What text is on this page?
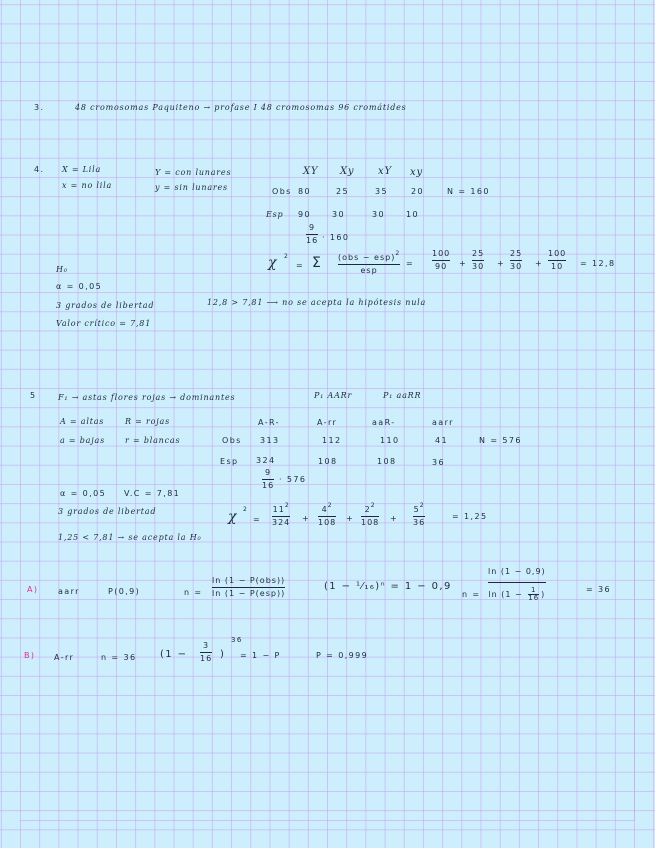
3.	48 cromosomas Paquiteno → profase I 48 cromosomas 96 cromátides
4. X = Lila
x = no lila
Y = con lunares
y = sin lunares
XY Xy xY xy
Obs 80	25	35	20	N = 160
Esp 90	30	30	10
9
16 · 160
χ 2
= Σ (obs − esp)$^2$
esp
=
100
90	+
25
30 +
25
30 +
100
10	= 12,8
H₀
α = 0,05
3 grados de libertad
Valor crítico = 7,81
12,8 > 7,81 ⟶ no se acepta la hipótesis nula
5	F₁ → astas flores rojas → dominantes	P₁ AARr	P₁ aaRR
A = altas	R = rojas
a = bajas r = blancas
A-R-	A-rr	aaR-	aarr
Obs 313	112	110	41	N = 576
Esp 324	108	108	36
9
16
· 576
α = 0,05 V.C = 7,81
3 grados de libertad	χ 2
=
$11^2$
324 +
$4^2$
108 +
$2^2$
108 +
$5^2$
36
= 1,25
1,25 < 7,81 → se acepta la H₀
A) aarr	P(0,9)	n =
ln (1 − P(obs))
ln (1 − P(esp))
(1 − ¹⁄₁₆)ⁿ = 1 − 0,9
n =
ln (1 − 0,9)
$\ln (1 - \frac{1}{16}$ )
= 36
B) A-rr	n = 36 (1 −
3
16 )
36
= 1 − P	P = 0,999
